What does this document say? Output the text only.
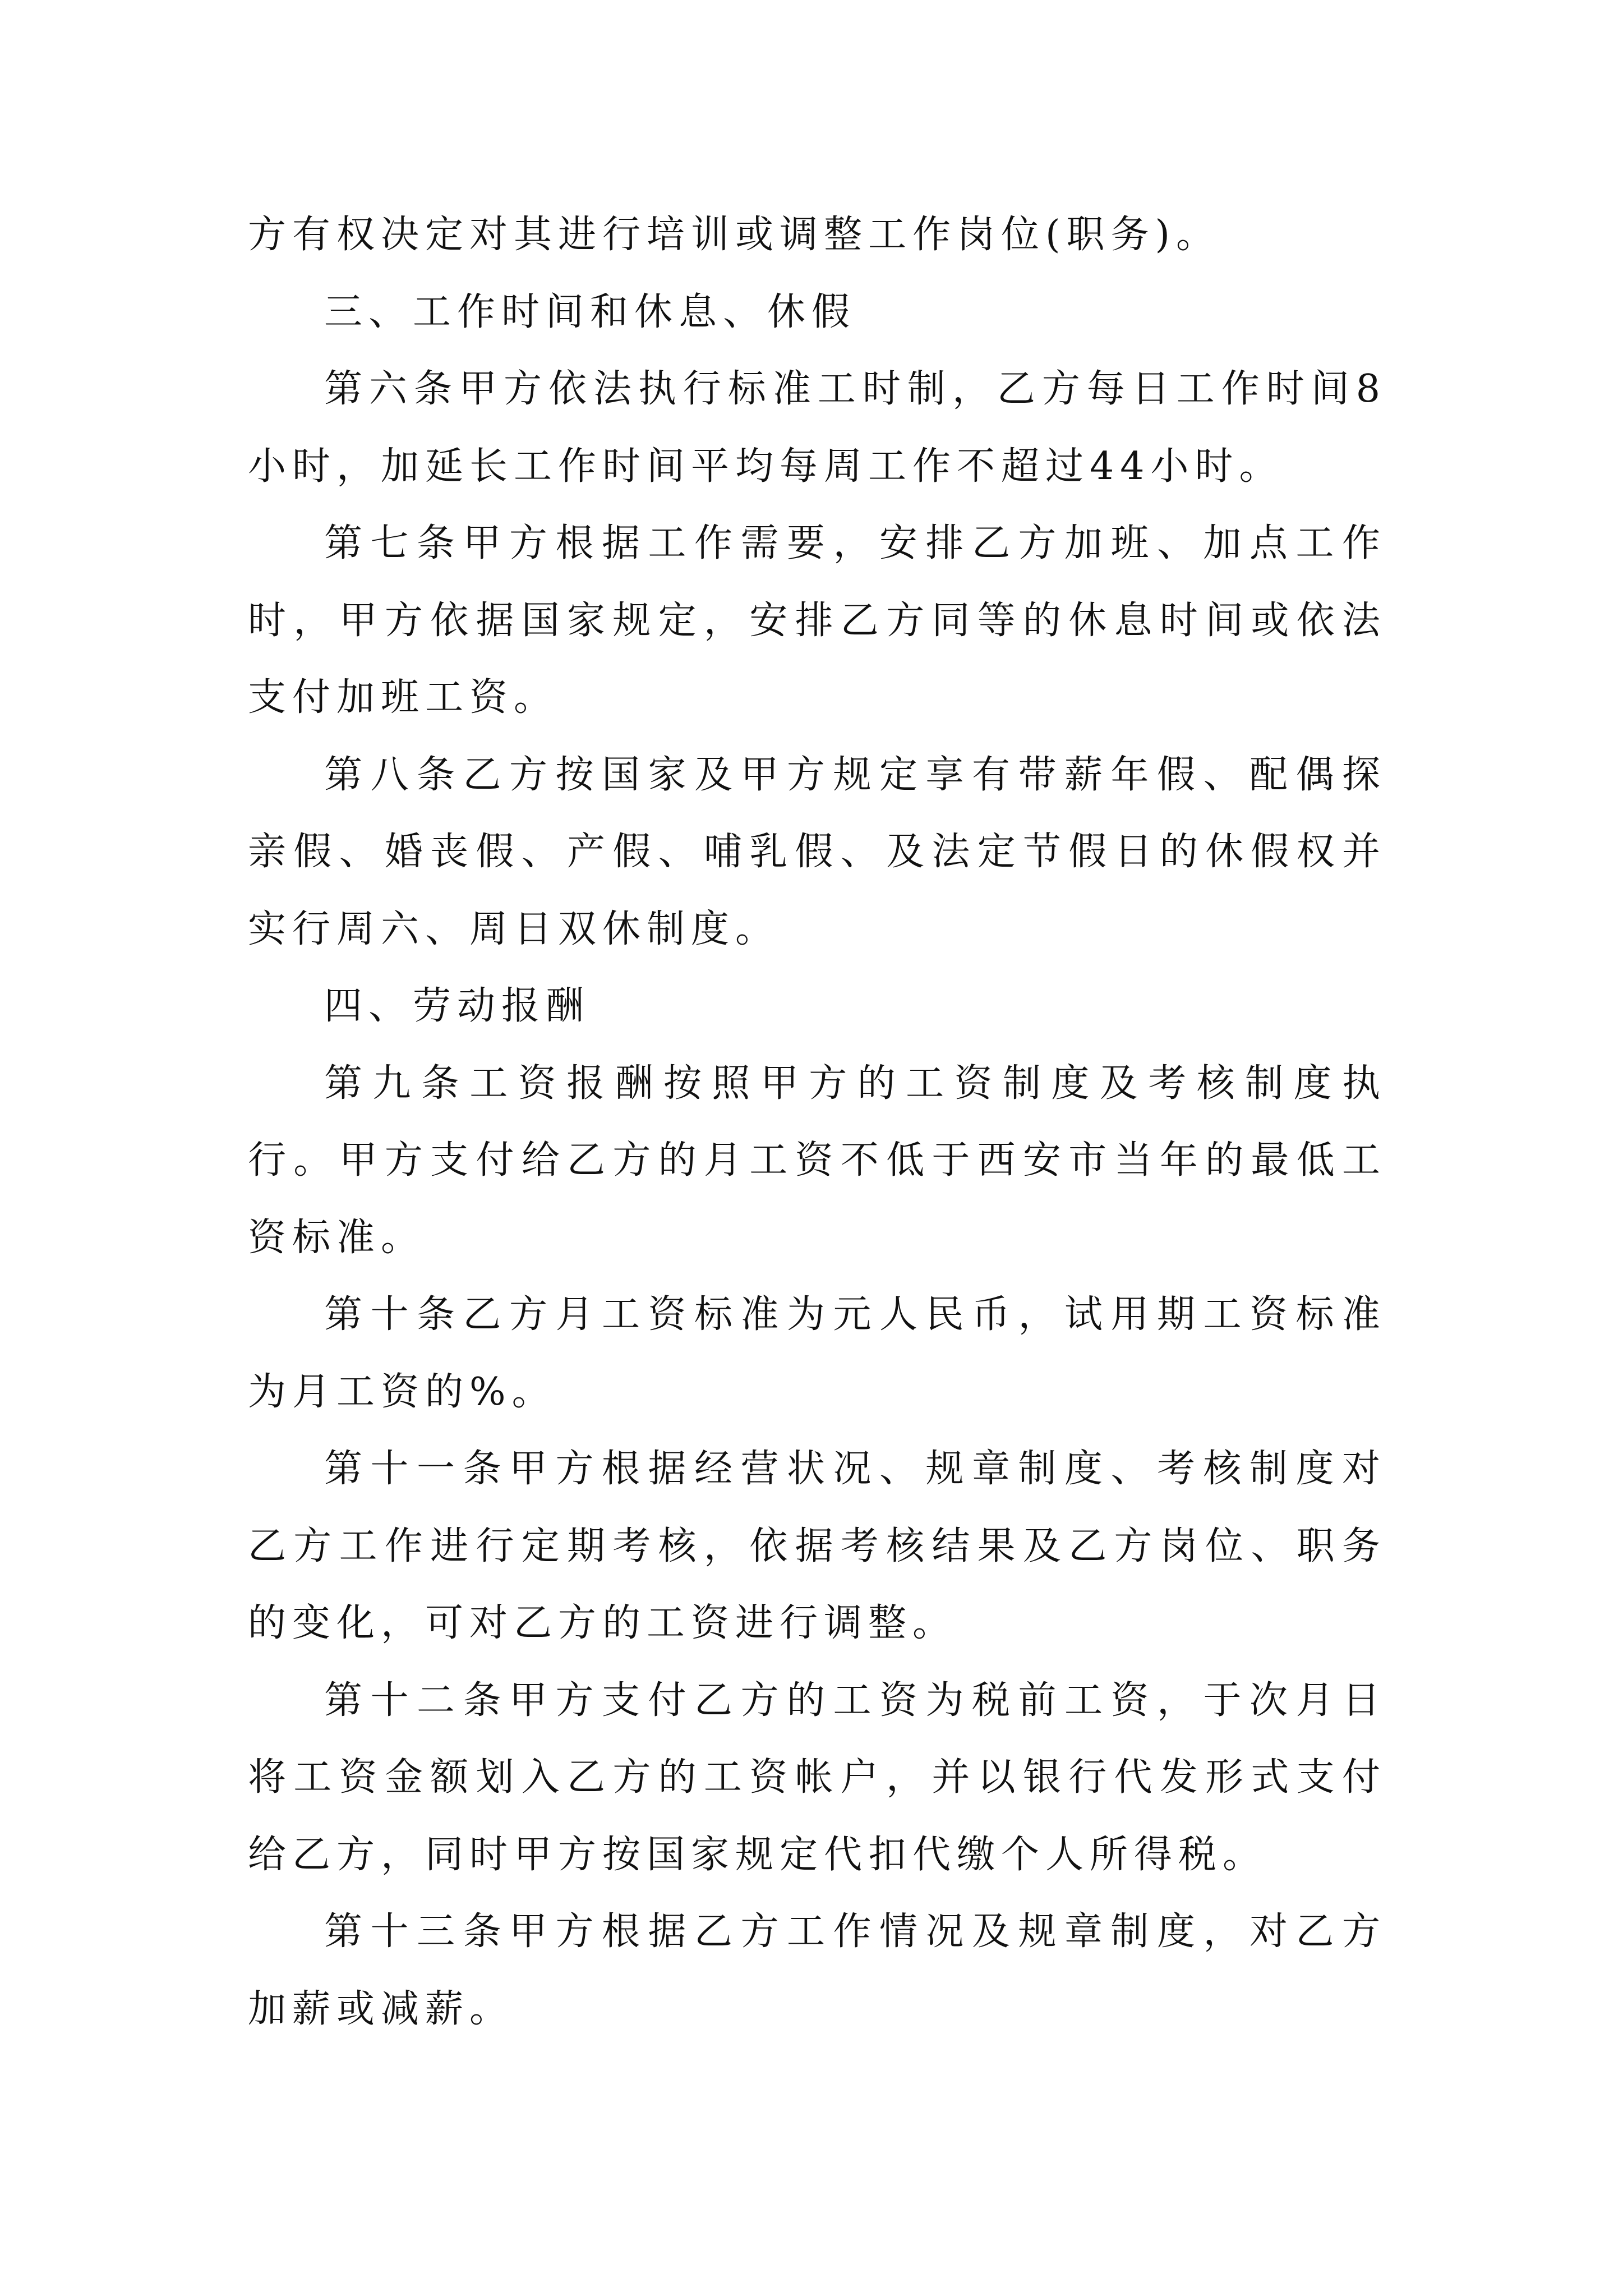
方有权决定对其进行培训或调整工作岗位(职务)。

三、工作时间和休息、休假

第六条甲方依法执行标准工时制，乙方每日工作时间8小时，加延长工作时间平均每周工作不超过44小时。

第七条甲方根据工作需要，安排乙方加班、加点工作时，甲方依据国家规定，安排乙方同等的休息时间或依法支付加班工资。

第八条乙方按国家及甲方规定享有带薪年假、配偶探亲假、婚丧假、产假、哺乳假、及法定节假日的休假权并实行周六、周日双休制度。

四、劳动报酬

第九条工资报酬按照甲方的工资制度及考核制度执行。甲方支付给乙方的月工资不低于西安市当年的最低工资标准。

第十条乙方月工资标准为元人民币，试用期工资标准为月工资的%。

第十一条甲方根据经营状况、规章制度、考核制度对乙方工作进行定期考核，依据考核结果及乙方岗位、职务的变化，可对乙方的工资进行调整。

第十二条甲方支付乙方的工资为税前工资，于次月日将工资金额划入乙方的工资帐户，并以银行代发形式支付给乙方，同时甲方按国家规定代扣代缴个人所得税。

第十三条甲方根据乙方工作情况及规章制度，对乙方加薪或减薪。
